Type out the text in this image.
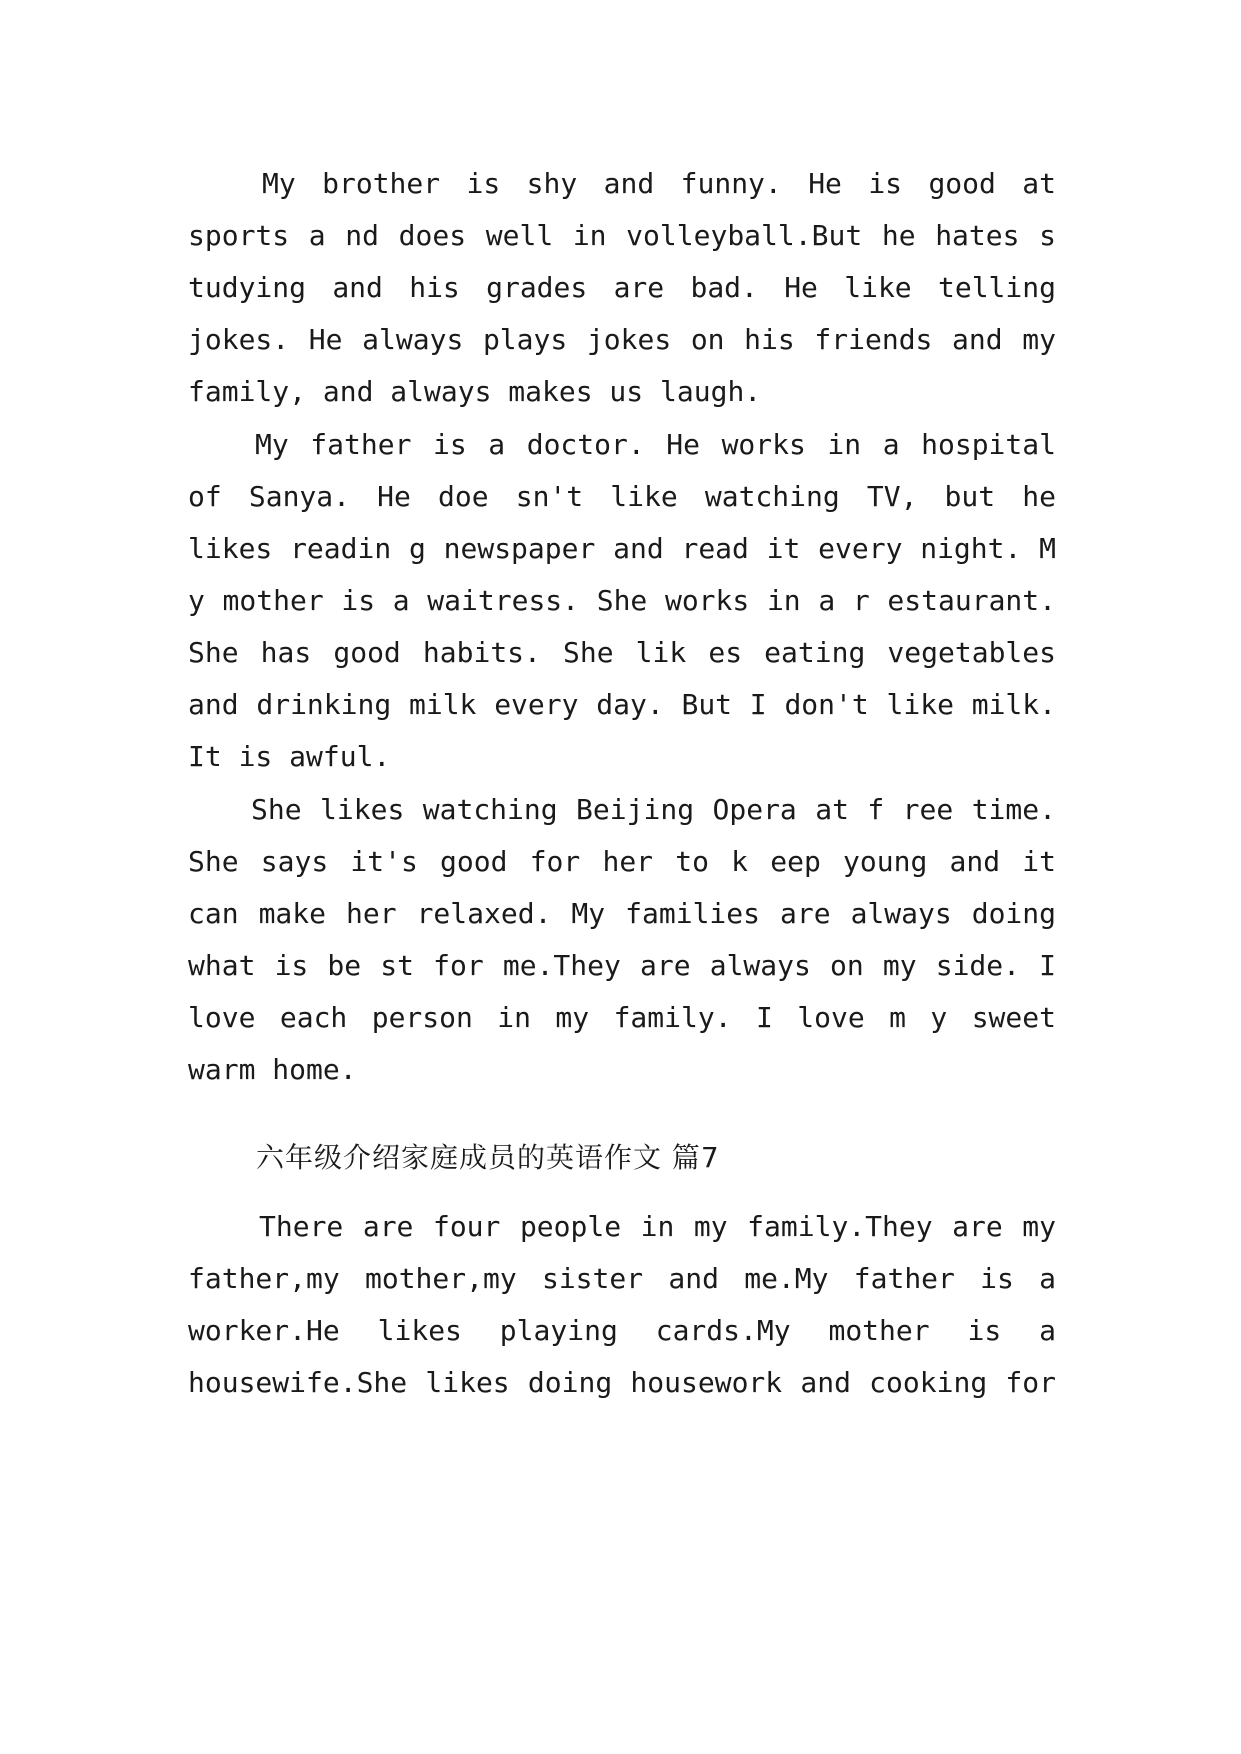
My brother is shy and funny. He is good at
sports a nd does well in volleyball.But he hates s
tudying and his grades are bad. He like telling
jokes. He always plays jokes on his friends and my
family, and always makes us laugh.
My father is a doctor. He works in a hospital
of Sanya. He doe sn't like watching TV, but he
likes readin g newspaper and read it every night. M
y mother is a waitress. She works in a r estaurant.
She has good habits. She lik es eating vegetables
and drinking milk every day. But I don't like milk.
It is awful.
She likes watching Beijing Opera at f ree time.
She says it's good for her to k eep young and it
can make her relaxed. My families are always doing
what is be st for me.They are always on my side. I
love each person in my family. I love m y sweet
warm home.
六年级介绍家庭成员的英语作文 篇7
There are four people in my family.They are my
father,my mother,my sister and me.My father is a
worker.He likes playing cards.My mother is a
housewife.She likes doing housework and cooking for
